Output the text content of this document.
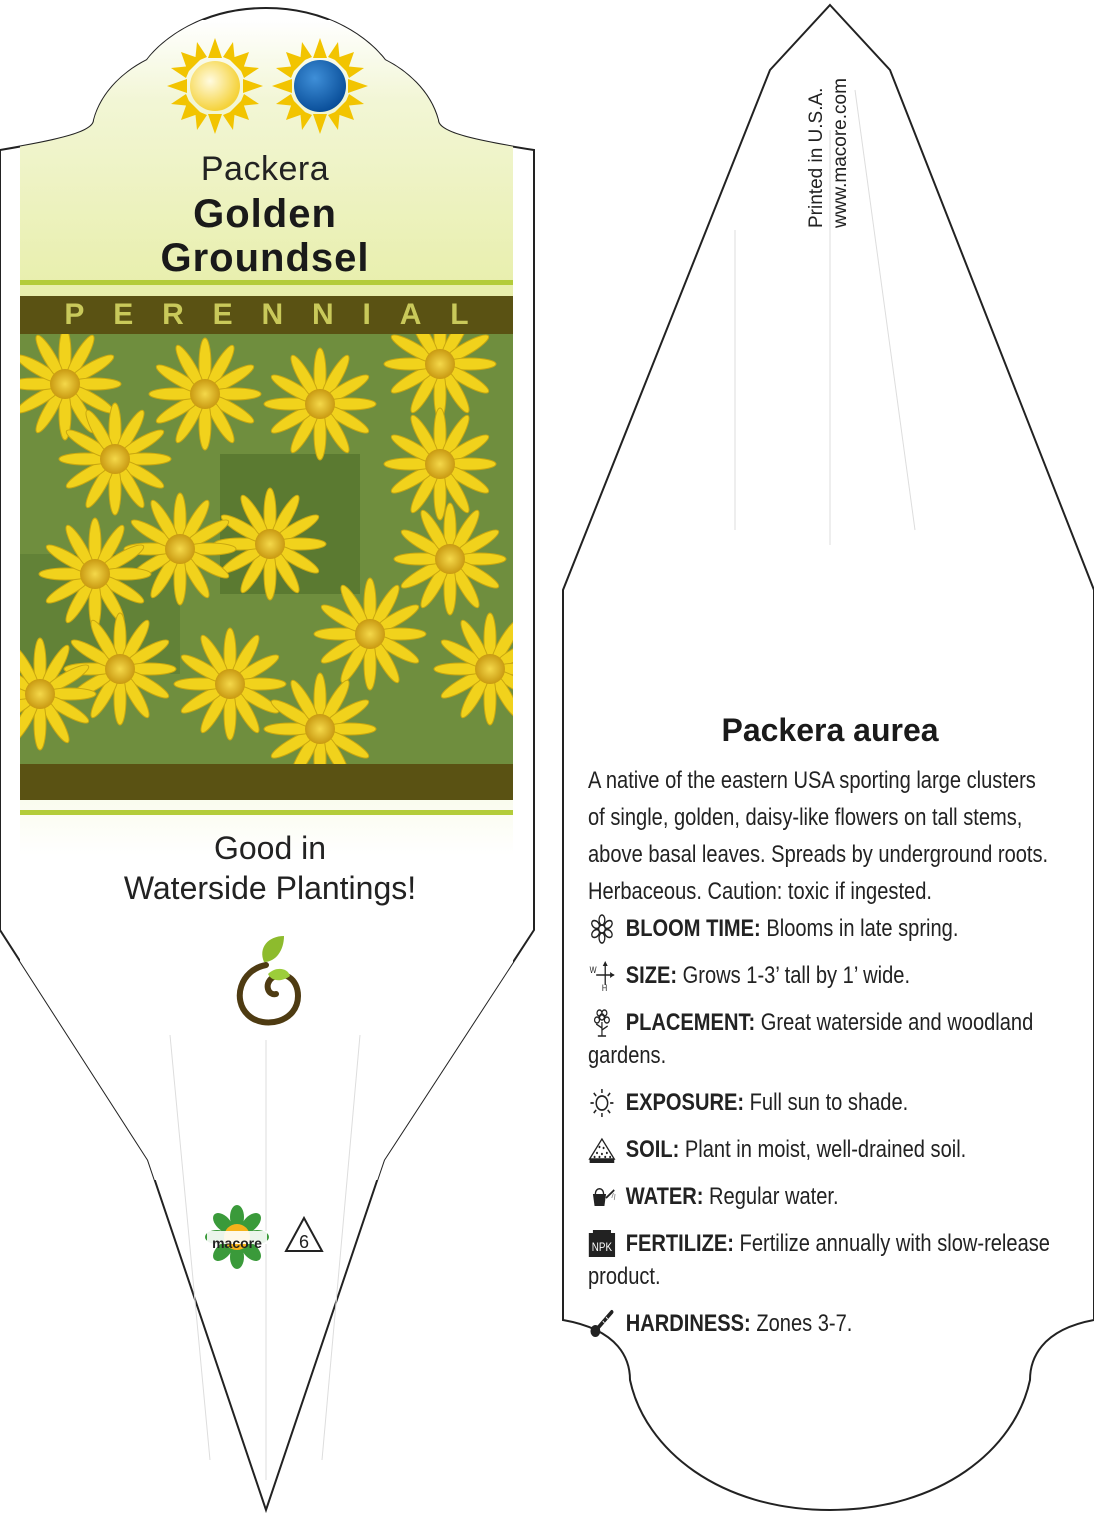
Packera
Golden
Groundsel
P E R E N N I A L
Good in
Waterside Plantings!
macore 6
Printed in U.S.A. www.macore.com
Packera aurea
A native of the eastern USA sporting large clusters
of single, golden, daisy-like flowers on tall stems,
above basal leaves. Spreads by underground roots.
Herbaceous. Caution: toxic if ingested.
BLOOM TIME: Blooms in late spring.
W
H SIZE: Grows 1-3’ tall by 1’ wide.
PLACEMENT: Great waterside and woodland gardens.
EXPOSURE: Full sun to shade.
SOIL: Plant in moist, well-drained soil.
WATER: Regular water.
NPK FERTILIZE: Fertilize annually with slow-release product.
HARDINESS: Zones 3-7.
